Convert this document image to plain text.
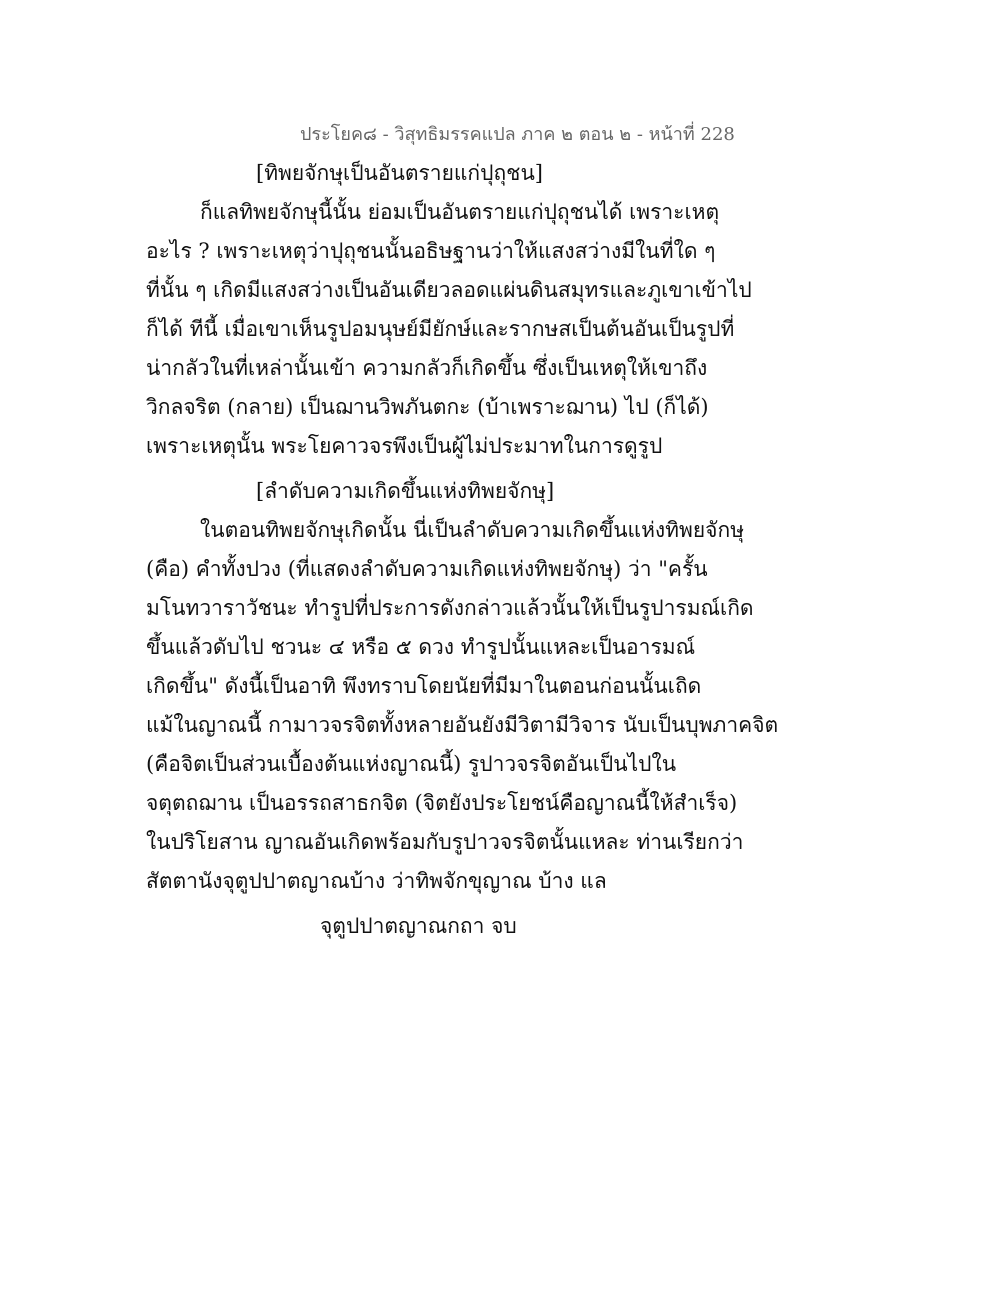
ประโยค๘ - วิสุทธิมรรคแปล ภาค ๒ ตอน ๒ - หน้าที่ 228
[ทิพยจักษุเป็นอันตรายแก่ปุถุชน]
ก็แลทิพยจักษุนี้นั้น ย่อมเป็นอันตรายแก่ปุถุชนได้ เพราะเหตุ
อะไร ? เพราะเหตุว่าปุถุชนนั้นอธิษฐานว่าให้แสงสว่างมีในที่ใด ๆ
ที่นั้น ๆ เกิดมีแสงสว่างเป็นอันเดียวลอดแผ่นดินสมุทรและภูเขาเข้าไป
ก็ได้ ทีนี้ เมื่อเขาเห็นรูปอมนุษย์มียักษ์และรากษสเป็นต้นอันเป็นรูปที่
น่ากลัวในที่เหล่านั้นเข้า ความกลัวก็เกิดขึ้น ซึ่งเป็นเหตุให้เขาถึง
วิกลจริต (กลาย) เป็นฌานวิพภันตกะ (บ้าเพราะฌาน) ไป (ก็ได้)
เพราะเหตุนั้น พระโยคาวจรพึงเป็นผู้ไม่ประมาทในการดูรูป
[ลำดับความเกิดขึ้นแห่งทิพยจักษุ]
ในตอนทิพยจักษุเกิดนั้น นี่เป็นลำดับความเกิดขึ้นแห่งทิพยจักษุ
(คือ) คำทั้งปวง (ที่แสดงลำดับความเกิดแห่งทิพยจักษุ) ว่า "ครั้น
มโนทวาราวัชนะ ทำรูปที่ประการดังกล่าวแล้วนั้นให้เป็นรูปารมณ์เกิด
ขึ้นแล้วดับไป ชวนะ ๔ หรือ ๕ ดวง ทำรูปนั้นแหละเป็นอารมณ์
เกิดขึ้น" ดังนี้เป็นอาทิ พึงทราบโดยนัยที่มีมาในตอนก่อนนั้นเถิด
แม้ในญาณนี้ กามาวจรจิตทั้งหลายอันยังมีวิตามีวิจาร นับเป็นบุพภาคจิต
(คือจิตเป็นส่วนเบื้องต้นแห่งญาณนี้) รูปาวจรจิตอันเป็นไปใน
จตุตถฌาน เป็นอรรถสาธกจิต (จิตยังประโยชน์คือญาณนี้ให้สำเร็จ)
ในปริโยสาน ญาณอันเกิดพร้อมกับรูปาวจรจิตนั้นแหละ ท่านเรียกว่า
สัตตานังจุตูปปาตญาณบ้าง ว่าทิพจักขุญาณ บ้าง แล
จุตูปปาตญาณกถา จบ
